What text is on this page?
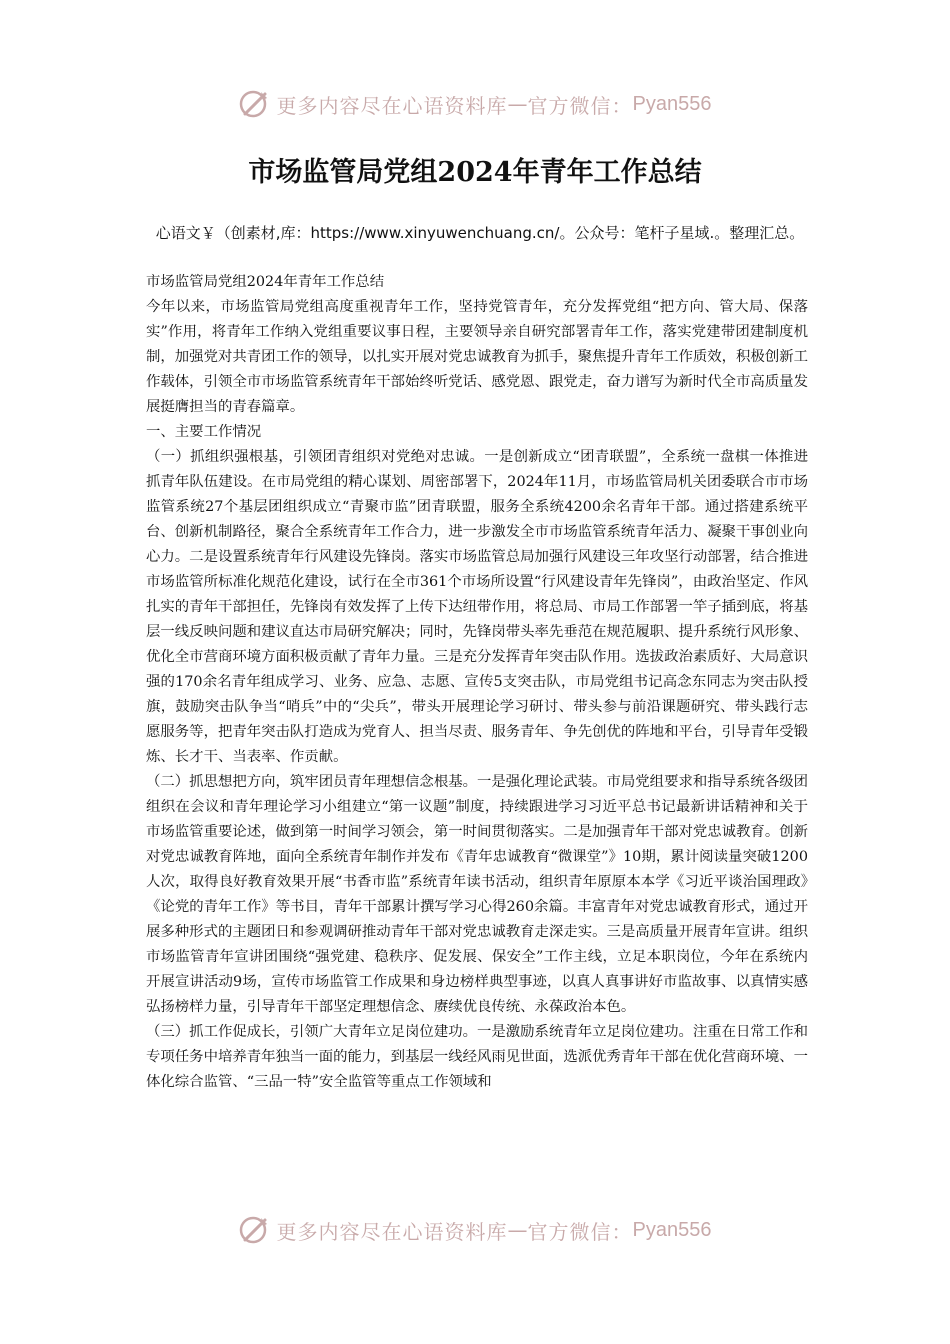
更多内容尽在心语资料库 — 官方微信： Pyan556
市场监管局党组2024年青年工作总结
心语文￥（创素材,库：https://www.xinyuwenchuang.cn/。公众号：笔杆子星域.。整理汇总。

市场监管局党组2024年青年工作总结

今年以来，市场监管局党组高度重视青年工作，坚持党管青年，充分发挥党组“把方向、管大局、保落实”作用，将青年工作纳入党组重要议事日程，主要领导亲自研究部署青年工作，落实党建带团建制度机制，加强党对共青团工作的领导，以扎实开展对党忠诚教育为抓手，聚焦提升青年工作质效，积极创新工作载体，引领全市市场监管系统青年干部始终听党话、感党恩、跟党走，奋力谱写为新时代全市高质量发展挺膺担当的青春篇章。

一、主要工作情况

（一）抓组织强根基，引领团青组织对党绝对忠诚。一是创新成立“团青联盟”，全系统一盘棋一体推进抓青年队伍建设。在市局党组的精心谋划、周密部署下，2024年11月，市场监管局机关团委联合市市场监管系统27个基层团组织成立“青聚市监”团青联盟，服务全系统4200余名青年干部。通过搭建系统平台、创新机制路径，聚合全系统青年工作合力，进一步激发全市市场监管系统青年活力、凝聚干事创业向心力。二是设置系统青年行风建设先锋岗。落实市场监管总局加强行风建设三年攻坚行动部署，结合推进市场监管所标准化规范化建设，试行在全市361个市场所设置“行风建设青年先锋岗”，由政治坚定、作风扎实的青年干部担任，先锋岗有效发挥了上传下达纽带作用，将总局、市局工作部署一竿子插到底，将基层一线反映问题和建议直达市局研究解决；同时，先锋岗带头率先垂范在规范履职、提升系统行风形象、优化全市营商环境方面积极贡献了青年力量。三是充分发挥青年突击队作用。选拔政治素质好、大局意识强的170余名青年组成学习、业务、应急、志愿、宣传5支突击队，市局党组书记高念东同志为突击队授旗，鼓励突击队争当“哨兵”中的“尖兵”，带头开展理论学习研讨、带头参与前沿课题研究、带头践行志愿服务等，把青年突击队打造成为党育人、担当尽责、服务青年、争先创优的阵地和平台，引导青年受锻炼、长才干、当表率、作贡献。

（二）抓思想把方向，筑牢团员青年理想信念根基。一是强化理论武装。市局党组要求和指导系统各级团组织在会议和青年理论学习小组建立“第一议题”制度，持续跟进学习习近平总书记最新讲话精神和关于市场监管重要论述，做到第一时间学习领会，第一时间贯彻落实。二是加强青年干部对党忠诚教育。创新对党忠诚教育阵地，面向全系统青年制作并发布《青年忠诚教育“微课堂”》10期，累计阅读量突破1200人次，取得良好教育效果开展“书香市监”系统青年读书活动，组织青年原原本本学《习近平谈治国理政》《论党的青年工作》等书目，青年干部累计撰写学习心得260余篇。丰富青年对党忠诚教育形式，通过开展多种形式的主题团日和参观调研推动青年干部对党忠诚教育走深走实。三是高质量开展青年宣讲。组织市场监管青年宣讲团围绕“强党建、稳秩序、促发展、保安全”工作主线，立足本职岗位，今年在系统内开展宣讲活动9场，宣传市场监管工作成果和身边榜样典型事迹，以真人真事讲好市监故事、以真情实感弘扬榜样力量，引导青年干部坚定理想信念、赓续优良传统、永葆政治本色。

（三）抓工作促成长，引领广大青年立足岗位建功。一是激励系统青年立足岗位建功。注重在日常工作和专项任务中培养青年独当一面的能力，到基层一线经风雨见世面，选派优秀青年干部在优化营商环境、一体化综合监管、“三品一特”安全监管等重点工作领域和

更多内容尽在心语资料库 — 官方微信： Pyan556
